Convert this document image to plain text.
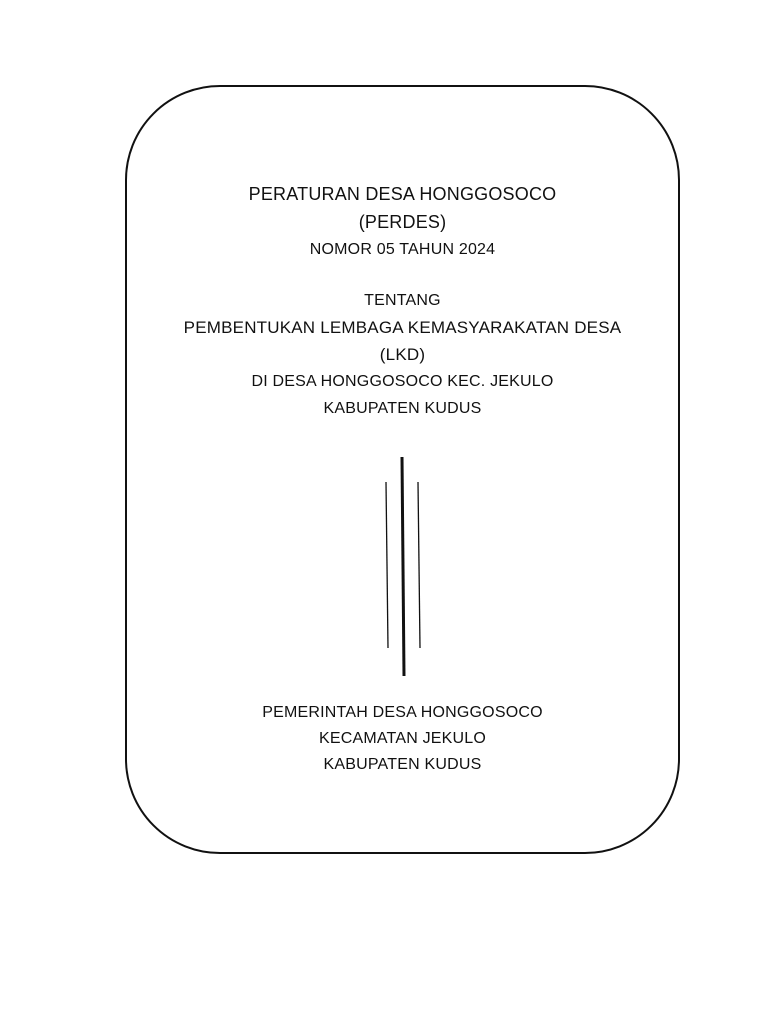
PERATURAN DESA HONGGOSOCO
(PERDES)
NOMOR 05 TAHUN 2024
TENTANG
PEMBENTUKAN LEMBAGA KEMASYARAKATAN DESA
(LKD)
DI DESA HONGGOSOCO KEC. JEKULO
KABUPATEN KUDUS
PEMERINTAH DESA HONGGOSOCO
KECAMATAN JEKULO
KABUPATEN KUDUS
